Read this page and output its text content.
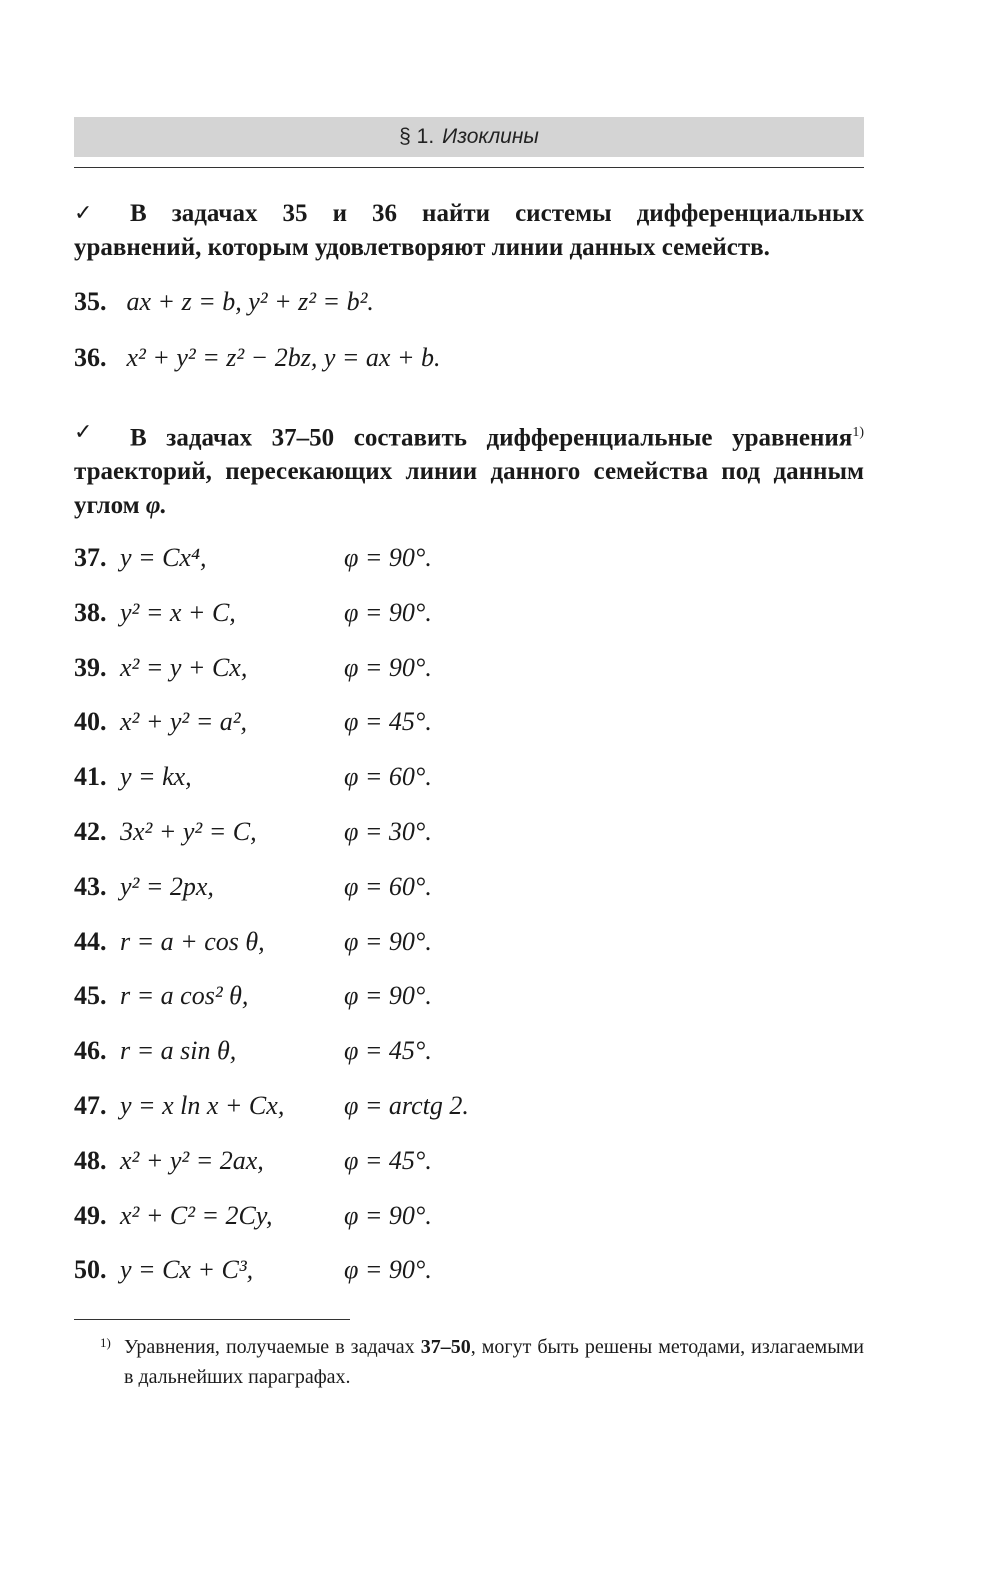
§ 1. Изоклины
✓ В задачах 35 и 36 найти системы дифференциальных уравнений, которым удовлетворяют линии данных семейств.
35. ax + z = b, y² + z² = b².
36. x² + y² = z² − 2bz, y = ax + b.
✓ В задачах 37–50 составить дифференциальные уравнения$^{1)}$ траекторий, пересекающих линии данного семейства под данным углом φ.
37. y = Cx⁴,	φ = 90°.
38. y² = x + C,	φ = 90°.
39. x² = y + Cx,	φ = 90°.
40. x² + y² = a²,	φ = 45°.
41. y = kx,	φ = 60°.
42. 3x² + y² = C,	φ = 30°.
43. y² = 2px,	φ = 60°.
44. r = a + cos θ,	φ = 90°.
45. r = a cos² θ,	φ = 90°.
46. r = a sin θ,	φ = 45°.
47. y = x ln x + Cx, φ = arctg 2.
48. x² + y² = 2ax,	φ = 45°.
49. x² + C² = 2Cy,	φ = 90°.
50. y = Cx + C³,	φ = 90°.
1) Уравнения, получаемые в задачах 37–50, могут быть решены методами, излагаемыми в дальнейших параграфах.
